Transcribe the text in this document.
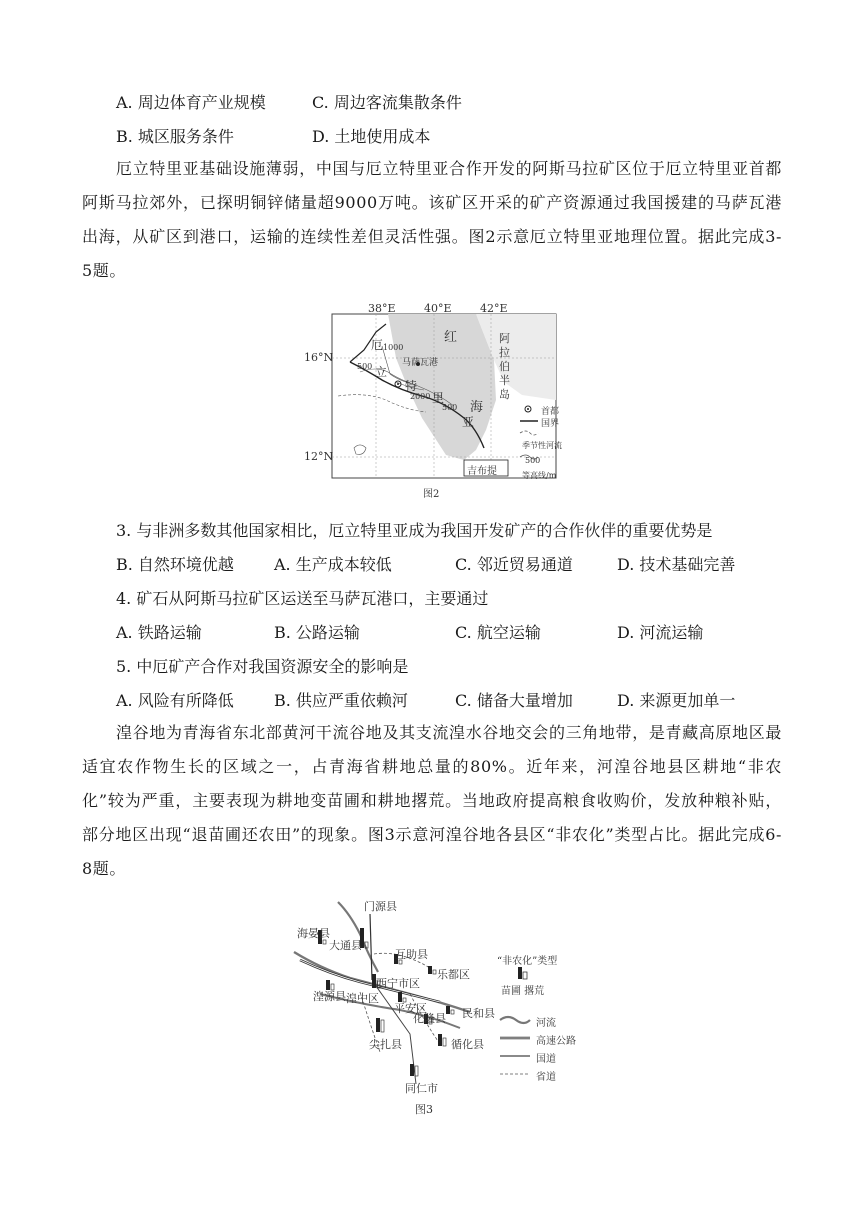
A. 周边体育产业规模	C. 周边客流集散条件
B. 城区服务条件	D. 土地使用成本
厄立特里亚基础设施薄弱，中国与厄立特里亚合作开发的阿斯马拉矿区位于厄立特里亚首都阿斯马拉郊外，已探明铜锌储量超9000万吨。该矿区开采的矿产资源通过我国援建的马萨瓦港出海，从矿区到港口，运输的连续性差但灵活性强。图2示意厄立特里亚地理位置。据此完成3-5题。
38°E	40°E	42°E
16°N
12°N
红
海
厄
立
特
里
亚
阿
拉
伯
半
岛
马萨瓦港
500
1000
2000
500
吉布提
首都
国界
季节性河流
500
等高线/m
图2
3. 与非洲多数其他国家相比，厄立特里亚成为我国开发矿产的合作伙伴的重要优势是
B. 自然环境优越	A. 生产成本较低	C. 邻近贸易通道	D. 技术基础完善
4. 矿石从阿斯马拉矿区运送至马萨瓦港口，主要通过
A. 铁路运输	B. 公路运输	C. 航空运输	D. 河流运输
5. 中厄矿产合作对我国资源安全的影响是
A. 风险有所降低	B. 供应严重依赖河	C. 储备大量增加	D. 来源更加单一
湟谷地为青海省东北部黄河干流谷地及其支流湟水谷地交会的三角地带，是青藏高原地区最适宜农作物生长的区域之一，占青海省耕地总量的80%。近年来，河湟谷地县区耕地“非农化”较为严重，主要表现为耕地变苗圃和耕地撂荒。当地政府提高粮食收购价，发放种粮补贴，部分地区出现“退苗圃还农田”的现象。图3示意河湟谷地各县区“非农化”类型占比。据此完成6-8题。
门源县
海晏县
大通县
互助县
乐都区
西宁市区
湟源县 湟中区
平安区
化隆县 民和县
尖扎县	循化县
同仁市
“非农化”类型
苗圃 撂荒
河流
高速公路
国道
省道
图3
